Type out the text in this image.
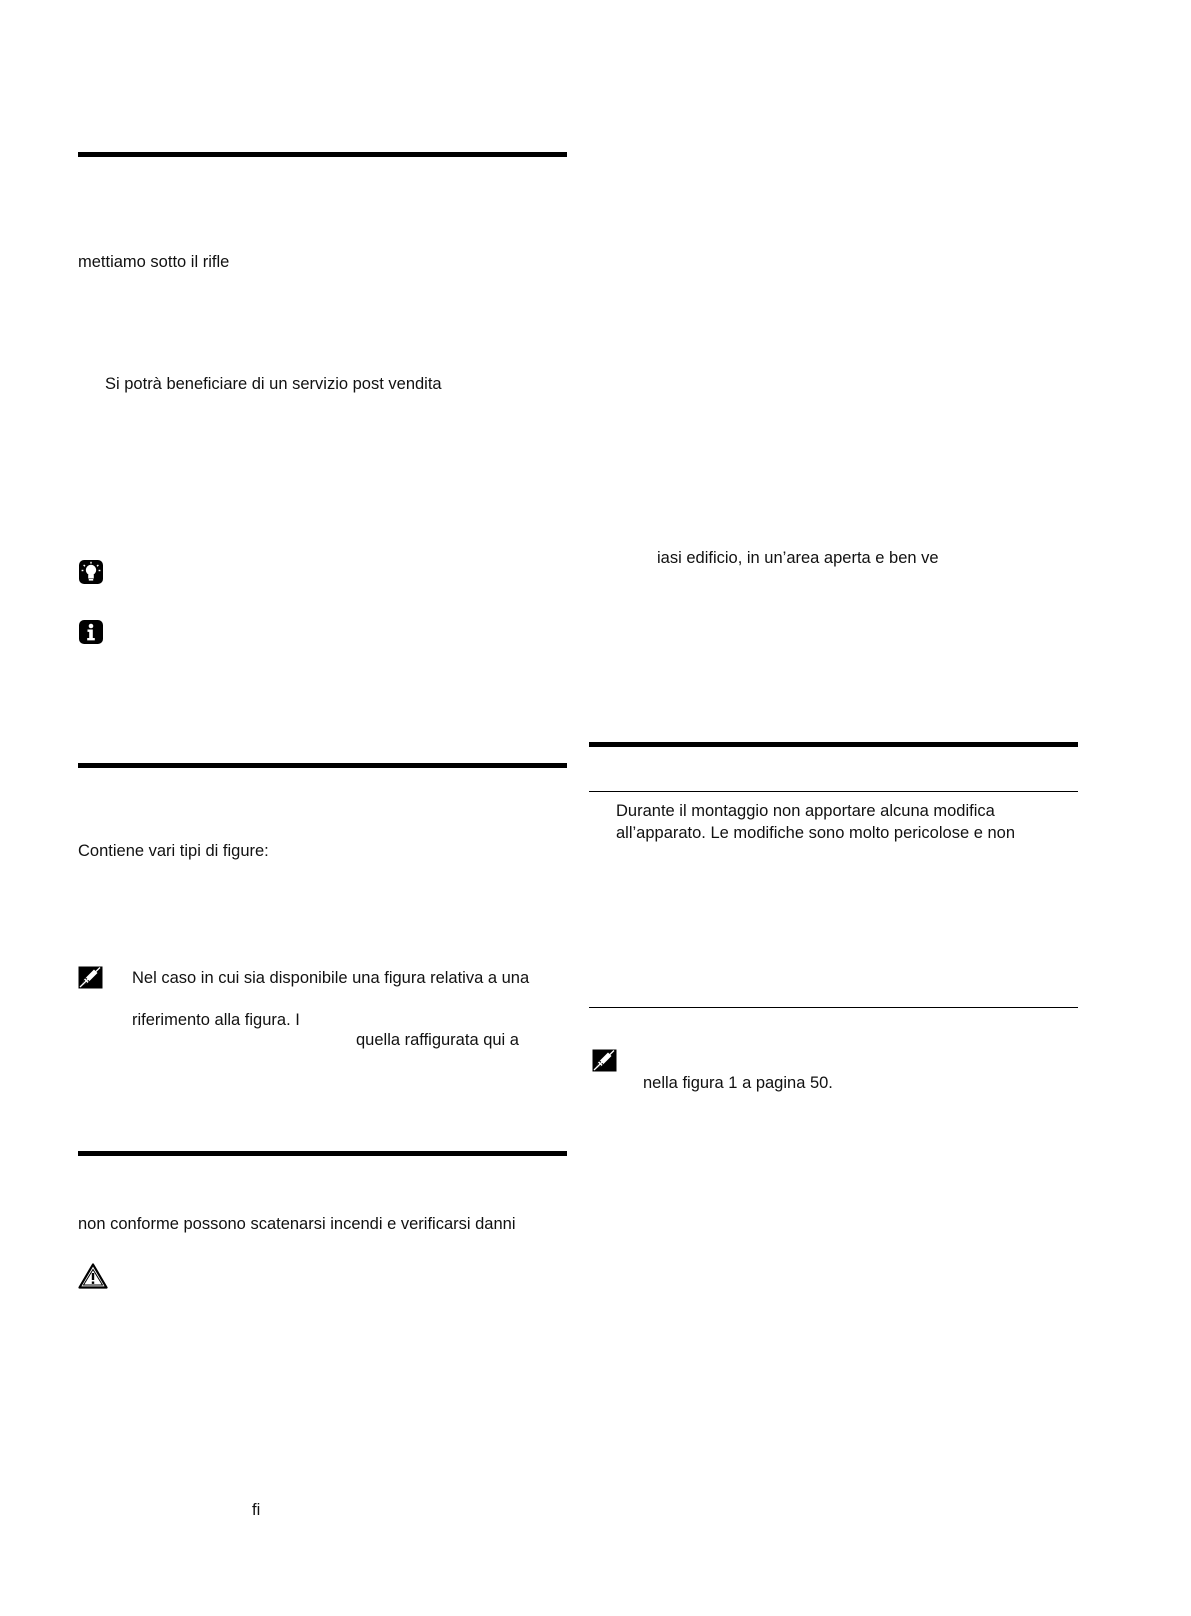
mettiamo sotto il rifle
Si potrà beneficiare di un servizio post vendita
Contiene vari tipi di figure:
Nel caso in cui sia disponibile una figura relativa a una
riferimento alla figura. I
quella raffigurata qui a
non conforme possono scatenarsi incendi e verificarsi danni
fi
iasi edificio, in un’area aperta e ben ve
Durante il montaggio non apportare alcuna modifica
all’apparato. Le modifiche sono molto pericolose e non
nella figura 1 a pagina 50.
